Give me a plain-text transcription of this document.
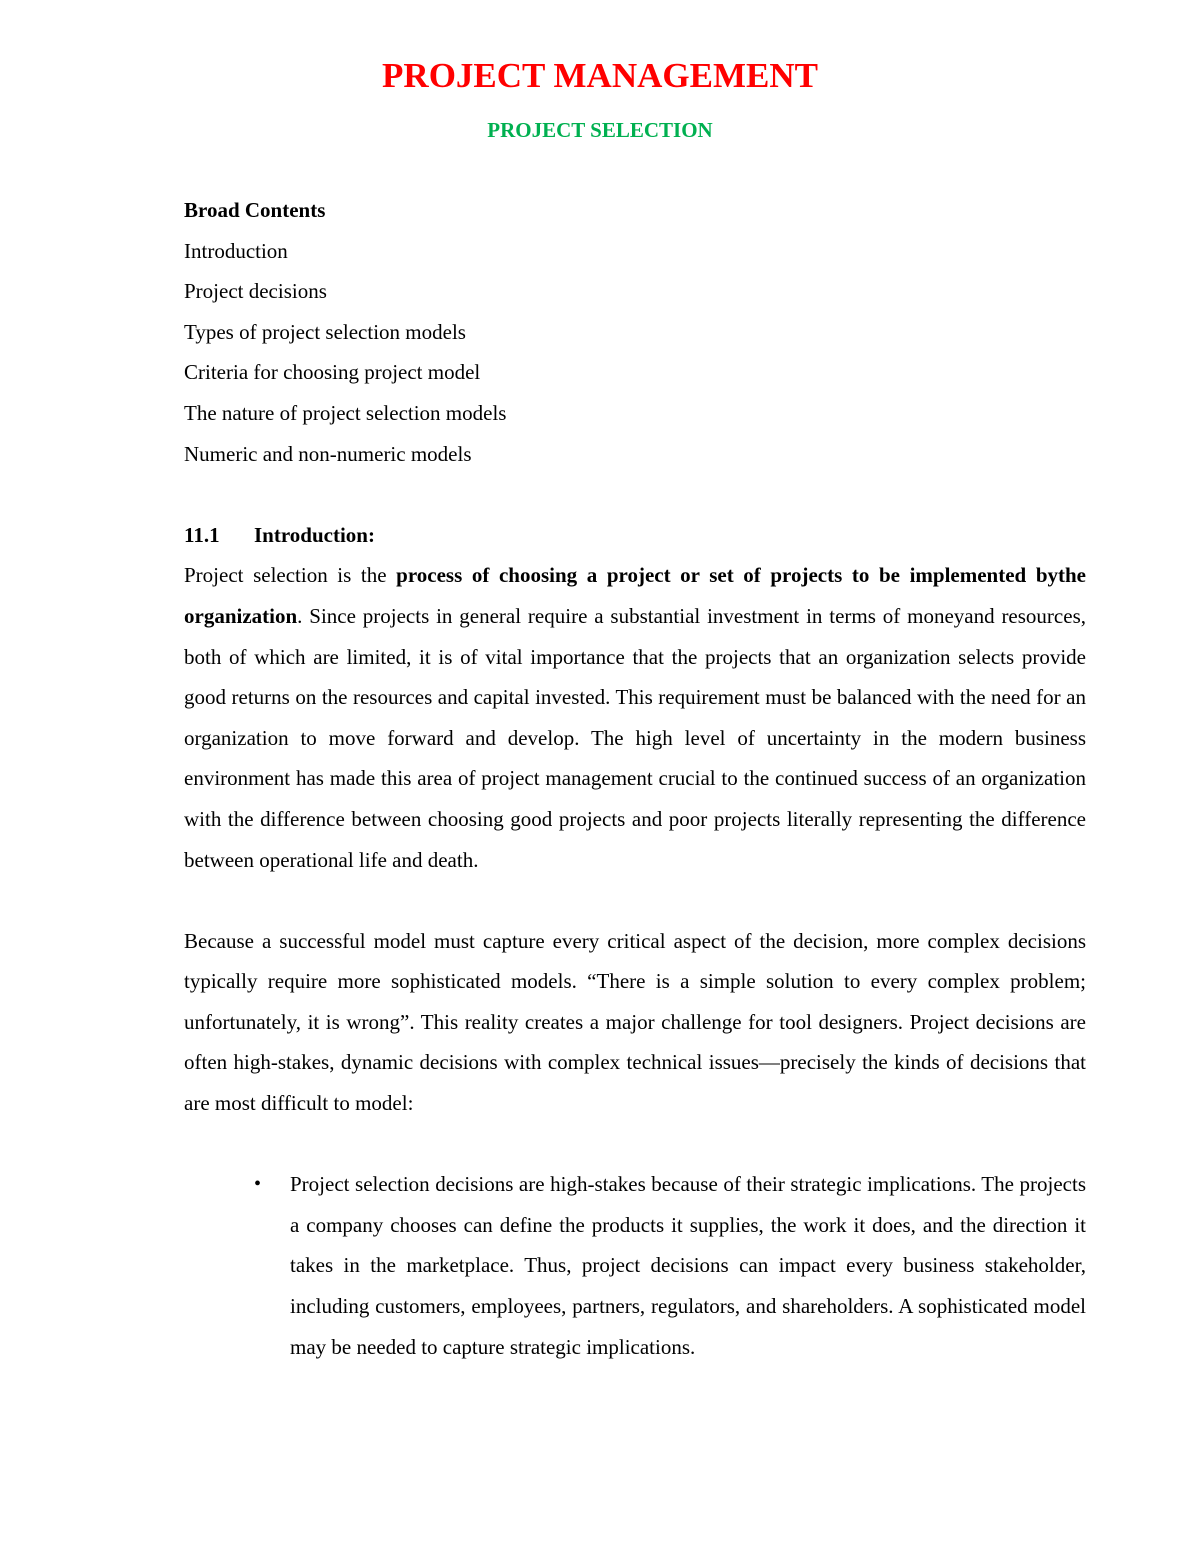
PROJECT MANAGEMENT
PROJECT SELECTION

Broad Contents

Introduction
Project decisions
Types of project selection models
Criteria for choosing project model
The nature of project selection models
Numeric and non-numeric models

11.1 Introduction:

Project selection is the process of choosing a project or set of projects to be implemented bythe organization. Since projects in general require a substantial investment in terms of moneyand resources, both of which are limited, it is of vital importance that the projects that an organization selects provide good returns on the resources and capital invested. This requirement must be balanced with the need for an organization to move forward and develop. The high level of uncertainty in the modern business environment has made this area of project management crucial to the continued success of an organization with the difference between choosing good projects and poor projects literally representing the difference between operational life and death.

Because a successful model must capture every critical aspect of the decision, more complex decisions typically require more sophisticated models. “There is a simple solution to every complex problem; unfortunately, it is wrong”. This reality creates a major challenge for tool designers. Project decisions are often high-stakes, dynamic decisions with complex technical issues—precisely the kinds of decisions that are most difficult to model:

• Project selection decisions are high-stakes because of their strategic implications. The projects a company chooses can define the products it supplies, the work it does, and the direction it takes in the marketplace. Thus, project decisions can impact every business stakeholder, including customers, employees, partners, regulators, and shareholders. A sophisticated model may be needed to capture strategic implications.
